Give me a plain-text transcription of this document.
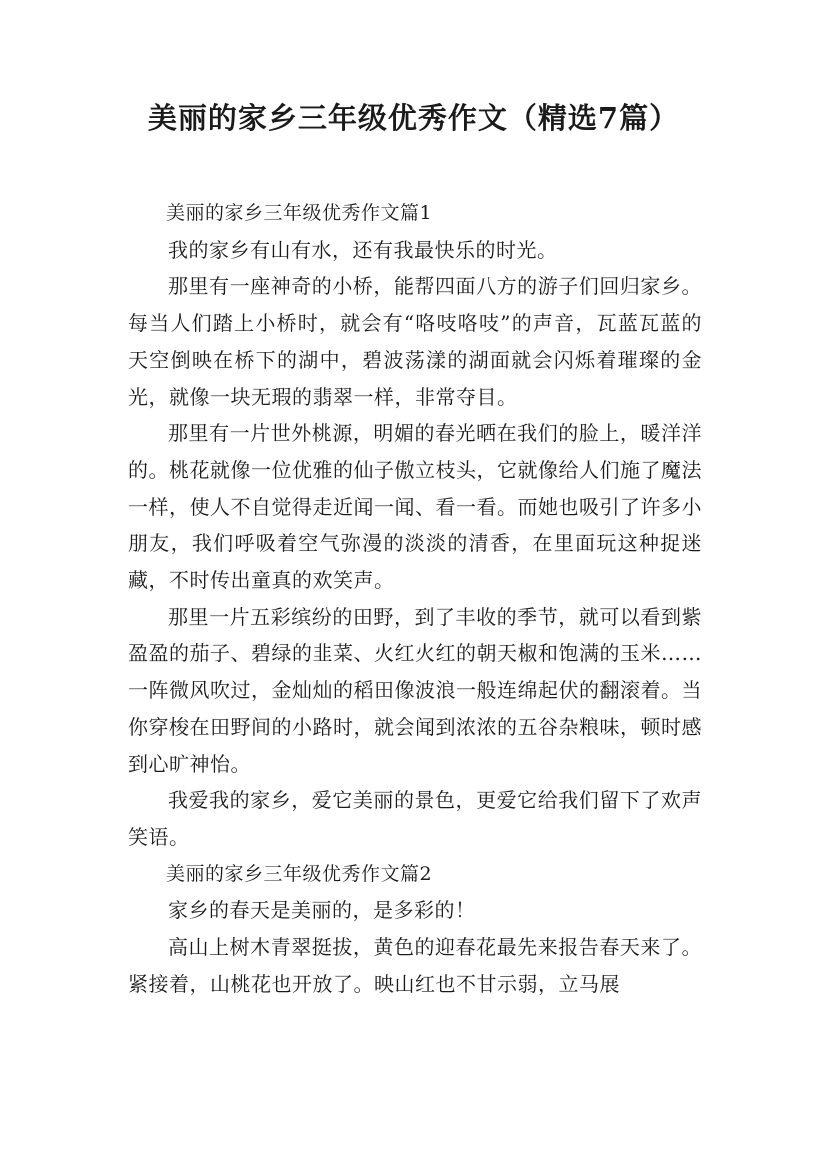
美丽的家乡三年级优秀作文（精选7篇）

美丽的家乡三年级优秀作文篇1

我的家乡有山有水，还有我最快乐的时光。

那里有一座神奇的小桥，能帮四面八方的游子们回归家乡。每当人们踏上小桥时，就会有“咯吱咯吱”的声音，瓦蓝瓦蓝的天空倒映在桥下的湖中，碧波荡漾的湖面就会闪烁着璀璨的金光，就像一块无瑕的翡翠一样，非常夺目。

那里有一片世外桃源，明媚的春光晒在我们的脸上，暖洋洋的。桃花就像一位优雅的仙子傲立枝头，它就像给人们施了魔法一样，使人不自觉得走近闻一闻、看一看。而她也吸引了许多小朋友，我们呼吸着空气弥漫的淡淡的清香，在里面玩这种捉迷藏，不时传出童真的欢笑声。

那里一片五彩缤纷的田野，到了丰收的季节，就可以看到紫盈盈的茄子、碧绿的韭菜、火红火红的朝天椒和饱满的玉米……一阵微风吹过，金灿灿的稻田像波浪一般连绵起伏的翻滚着。当你穿梭在田野间的小路时，就会闻到浓浓的五谷杂粮味，顿时感到心旷神怡。

我爱我的家乡，爱它美丽的景色，更爱它给我们留下了欢声笑语。

美丽的家乡三年级优秀作文篇2

家乡的春天是美丽的，是多彩的！

高山上树木青翠挺拔，黄色的迎春花最先来报告春天来了。紧接着，山桃花也开放了。映山红也不甘示弱，立马展
